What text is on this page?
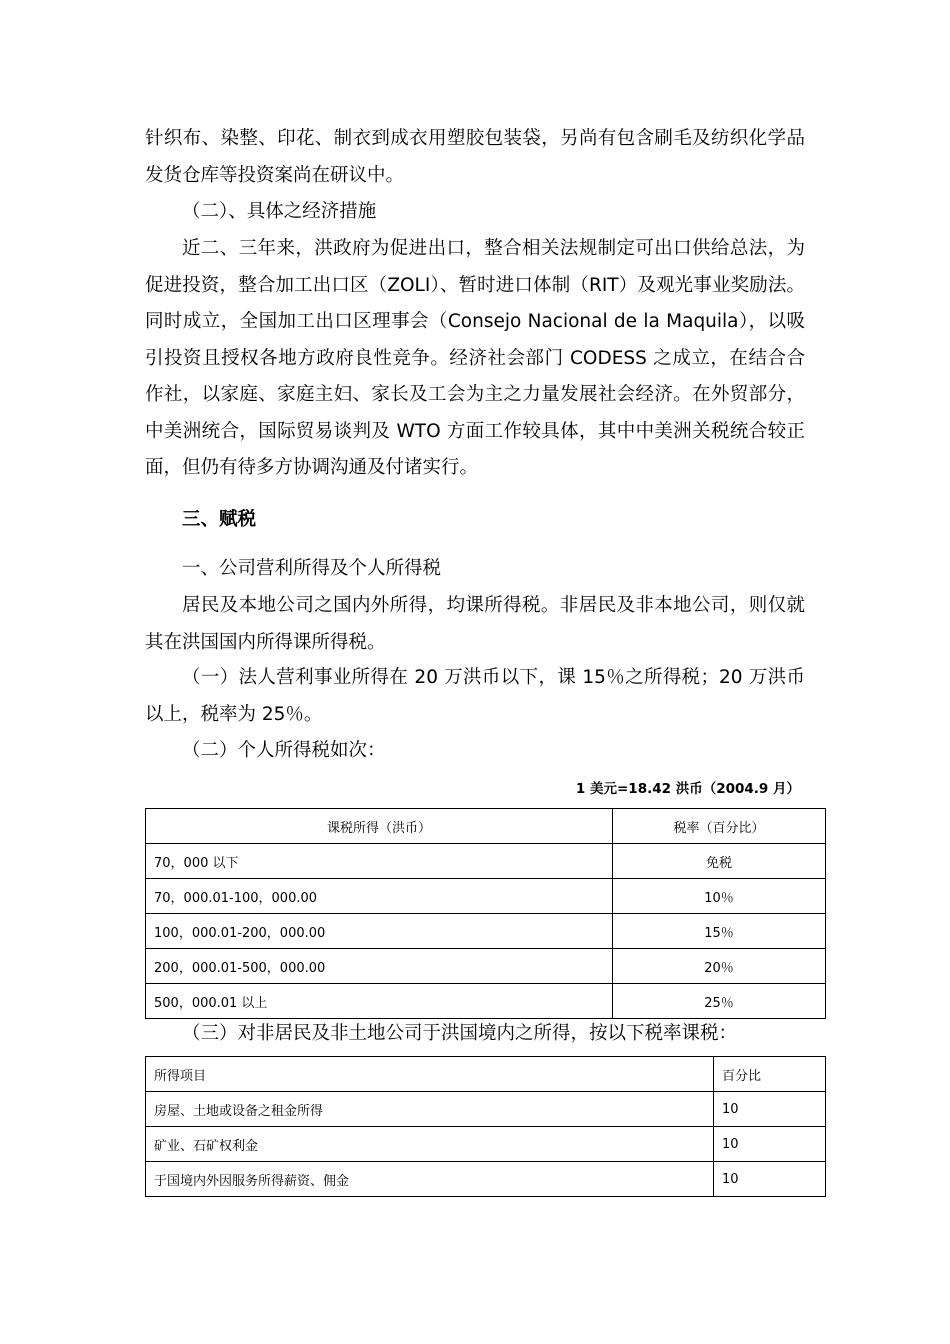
针织布、染整、印花、制衣到成衣用塑胶包装袋，另尚有包含刷毛及纺织化学品发货仓库等投资案尚在研议中。

（二）、具体之经济措施

近二、三年来，洪政府为促进出口，整合相关法规制定可出口供给总法，为促进投资，整合加工出口区（ZOLI）、暂时进口体制（RIT）及观光事业奖励法。同时成立，全国加工出口区理事会（Consejo Nacional de la Maquila），以吸引投资且授权各地方政府良性竞争。经济社会部门 CODESS 之成立，在结合合作社，以家庭、家庭主妇、家长及工会为主之力量发展社会经济。在外贸部分，中美洲统合，国际贸易谈判及 WTO 方面工作较具体，其中中美洲关税统合较正面，但仍有待多方协调沟通及付诸实行。

三、赋税

一、公司营利所得及个人所得税

居民及本地公司之国内外所得，均课所得税。非居民及非本地公司，则仅就其在洪国国内所得课所得税。

（一）法人营利事业所得在 20 万洪币以下，课 15％之所得税；20 万洪币以上，税率为 25％。

（二）个人所得税如次：

1 美元=18.42 洪币（2004.9 月）
课税所得（洪币）	税率（百分比）
70，000 以下	免税
70，000.01-100，000.00	10％
100，000.01-200，000.00	15％
200，000.01-500，000.00	20％
500，000.01 以上	25％

（三）对非居民及非土地公司于洪国境内之所得，按以下税率课税：

所得项目	百分比
房屋、土地或设备之租金所得	10
矿业、石矿权利金	10
于国境内外因服务所得薪资、佣金	10
